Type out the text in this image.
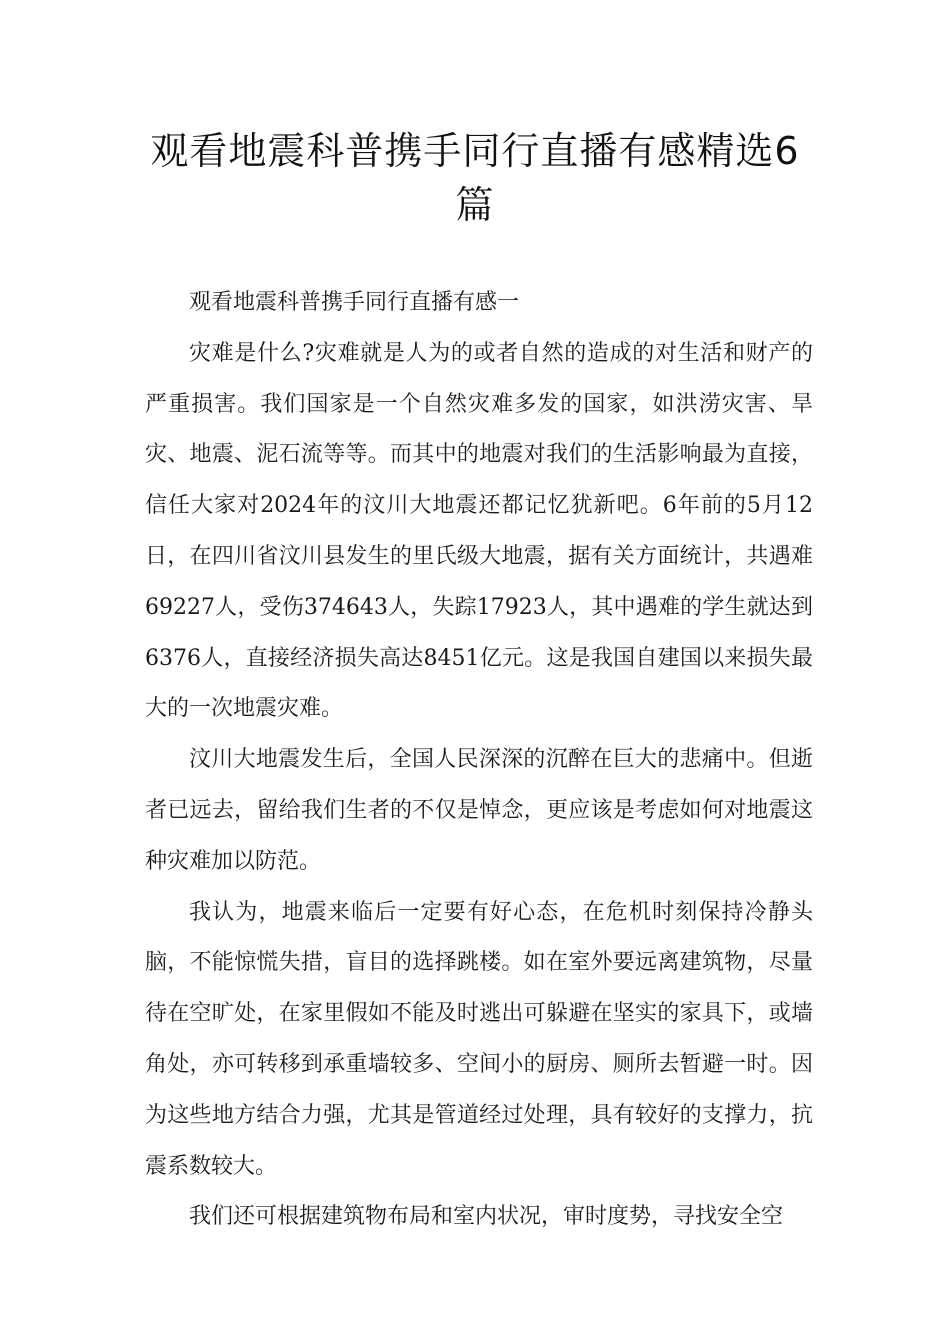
观看地震科普携手同行直播有感精选6篇

观看地震科普携手同行直播有感一

灾难是什么?灾难就是人为的或者自然的造成的对生活和财产的严重损害。我们国家是一个自然灾难多发的国家，如洪涝灾害、旱灾、地震、泥石流等等。而其中的地震对我们的生活影响最为直接，信任大家对2024年的汶川大地震还都记忆犹新吧。6年前的5月12日，在四川省汶川县发生的里氏级大地震，据有关方面统计，共遇难69227人，受伤374643人，失踪17923人，其中遇难的学生就达到6376人，直接经济损失高达8451亿元。这是我国自建国以来损失最大的一次地震灾难。

汶川大地震发生后，全国人民深深的沉醉在巨大的悲痛中。但逝者已远去，留给我们生者的不仅是悼念，更应该是考虑如何对地震这种灾难加以防范。

我认为，地震来临后一定要有好心态，在危机时刻保持冷静头脑，不能惊慌失措，盲目的选择跳楼。如在室外要远离建筑物，尽量待在空旷处，在家里假如不能及时逃出可躲避在坚实的家具下，或墙角处，亦可转移到承重墙较多、空间小的厨房、厕所去暂避一时。因为这些地方结合力强，尤其是管道经过处理，具有较好的支撑力，抗震系数较大。

我们还可根据建筑物布局和室内状况，审时度势，寻找安全空
